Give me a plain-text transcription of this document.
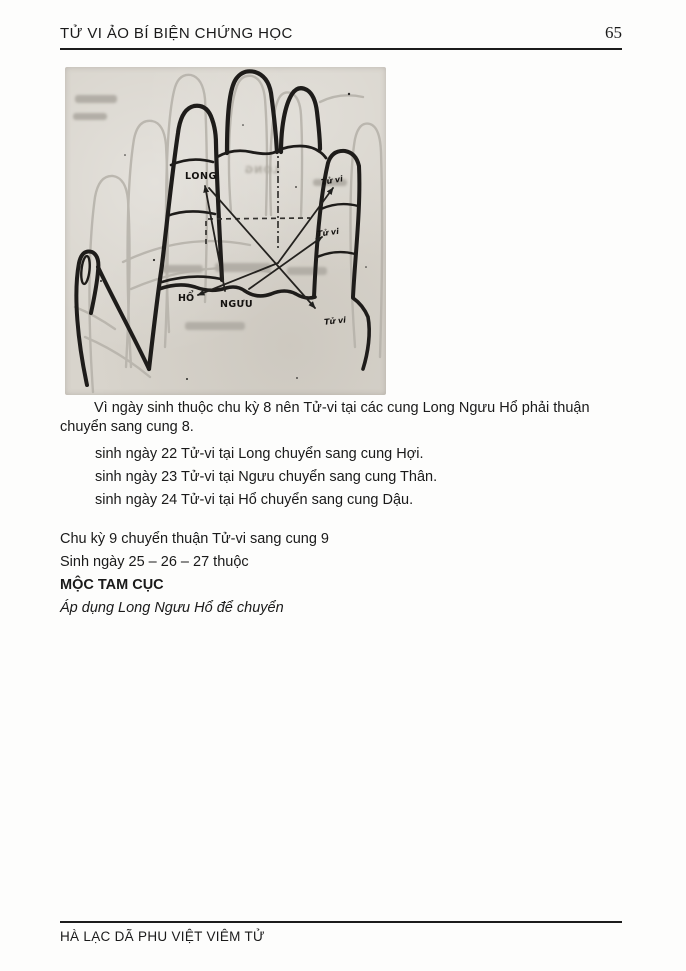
TỬ VI ẢO BÍ BIỆN CHỨNG HỌC	65
LONG
LONG
HỔ
NGƯU
Tử vi
Tử vi
Tử vi

Vì ngày sinh thuộc chu kỳ 8 nên Tử-vi tại các cung Long Ngưu Hổ phải thuận chuyển sang cung 8.

sinh ngày 22 Tử-vi tại Long chuyển sang cung Hợi.

sinh ngày 23 Tử-vi tại Ngưu chuyển sang cung Thân.

sinh ngày 24 Tử-vi tại Hổ chuyển sang cung Dậu.

Chu kỳ 9 chuyển thuận Tử-vi sang cung 9

Sinh ngày 25 – 26 – 27 thuộc

MỘC TAM CỤC

Áp dụng Long Ngưu Hổ để chuyển

HÀ LẠC DÃ PHU VIỆT VIÊM TỬ
